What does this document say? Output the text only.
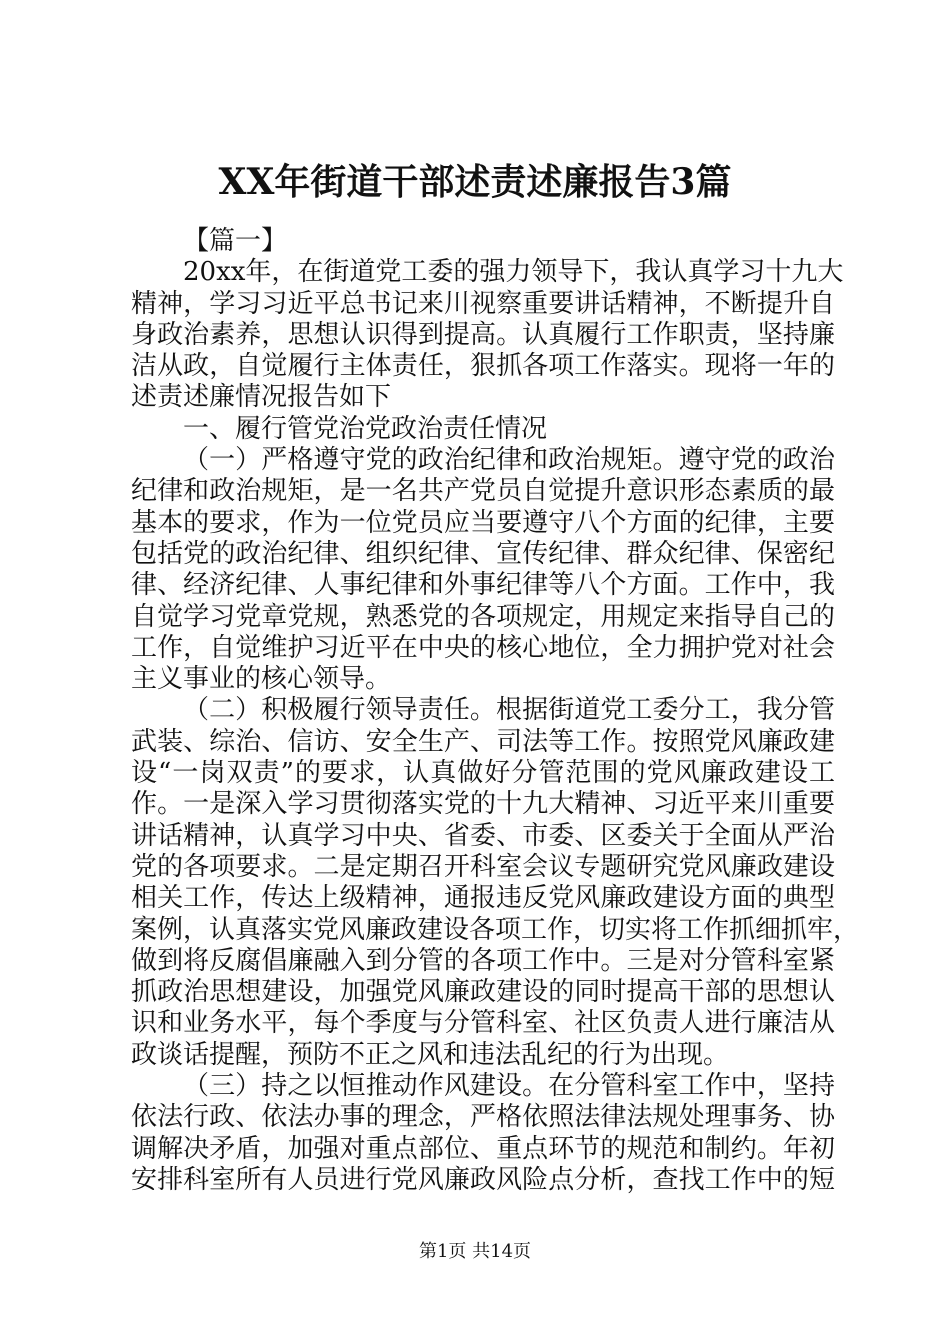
XX年街道干部述责述廉报告3篇
【篇一】
20xx年，在街道党工委的强力领导下，我认真学习十九大
精神，学习习近平总书记来川视察重要讲话精神，不断提升自
身政治素养，思想认识得到提高。认真履行工作职责，坚持廉
洁从政，自觉履行主体责任，狠抓各项工作落实。现将一年的
述责述廉情况报告如下
一、履行管党治党政治责任情况
（一）严格遵守党的政治纪律和政治规矩。遵守党的政治
纪律和政治规矩，是一名共产党员自觉提升意识形态素质的最
基本的要求，作为一位党员应当要遵守八个方面的纪律，主要
包括党的政治纪律、组织纪律、宣传纪律、群众纪律、保密纪
律、经济纪律、人事纪律和外事纪律等八个方面。工作中，我
自觉学习党章党规，熟悉党的各项规定，用规定来指导自己的
工作，自觉维护习近平在中央的核心地位，全力拥护党对社会
主义事业的核心领导。
（二）积极履行领导责任。根据街道党工委分工，我分管
武装、综治、信访、安全生产、司法等工作。按照党风廉政建
设“一岗双责”的要求，认真做好分管范围的党风廉政建设工
作。一是深入学习贯彻落实党的十九大精神、习近平来川重要
讲话精神，认真学习中央、省委、市委、区委关于全面从严治
党的各项要求。二是定期召开科室会议专题研究党风廉政建设
相关工作，传达上级精神，通报违反党风廉政建设方面的典型
案例，认真落实党风廉政建设各项工作，切实将工作抓细抓牢，
做到将反腐倡廉融入到分管的各项工作中。三是对分管科室紧
抓政治思想建设，加强党风廉政建设的同时提高干部的思想认
识和业务水平，每个季度与分管科室、社区负责人进行廉洁从
政谈话提醒，预防不正之风和违法乱纪的行为出现。
（三）持之以恒推动作风建设。在分管科室工作中，坚持
依法行政、依法办事的理念，严格依照法律法规处理事务、协
调解决矛盾，加强对重点部位、重点环节的规范和制约。年初
安排科室所有人员进行党风廉政风险点分析，查找工作中的短
第1页 共14页
